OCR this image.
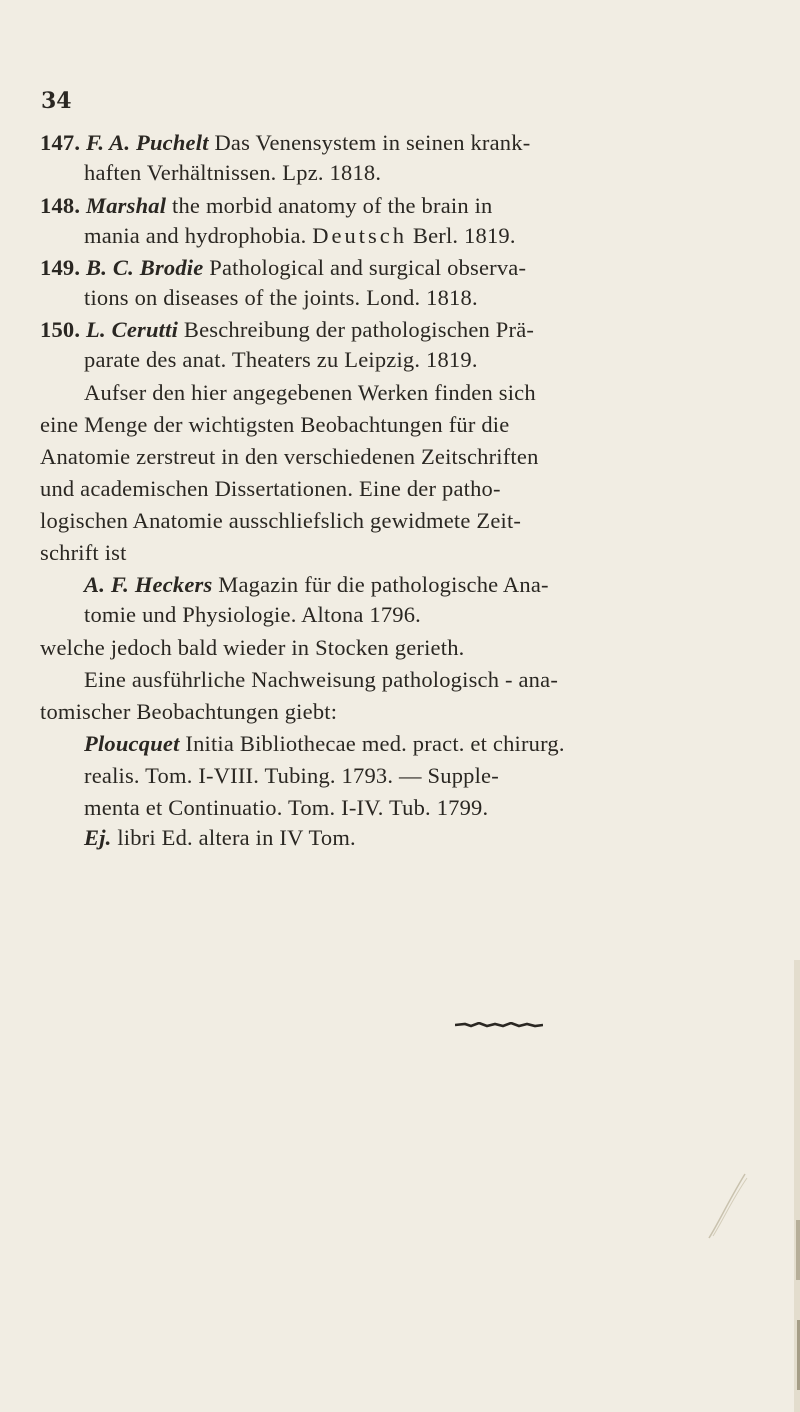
34
147. F. A. Puchelt Das Venensystem in seinen krank-
haften Verhältnissen. Lpz. 1818.
148. Marshal the morbid anatomy of the brain in
mania and hydrophobia. Deutsch Berl. 1819.
149. B. C. Brodie Pathological and surgical observa-
tions on diseases of the joints. Lond. 1818.
150. L. Cerutti Beschreibung der pathologischen Prä-
parate des anat. Theaters zu Leipzig. 1819.
Aufser den hier angegebenen Werken finden sich
eine Menge der wichtigsten Beobachtungen für die
Anatomie zerstreut in den verschiedenen Zeitschriften
und academischen Dissertationen. Eine der patho-
logischen Anatomie ausschliefslich gewidmete Zeit-
schrift ist
A. F. Heckers Magazin für die pathologische Ana-
tomie und Physiologie. Altona 1796.
welche jedoch bald wieder in Stocken gerieth.
Eine ausführliche Nachweisung pathologisch - ana-
tomischer Beobachtungen giebt:
Ploucquet Initia Bibliothecae med. pract. et chirurg.
realis. Tom. I-VIII. Tubing. 1793. — Supple-
menta et Continuatio. Tom. I-IV. Tub. 1799.
Ej. libri Ed. altera in IV Tom.
